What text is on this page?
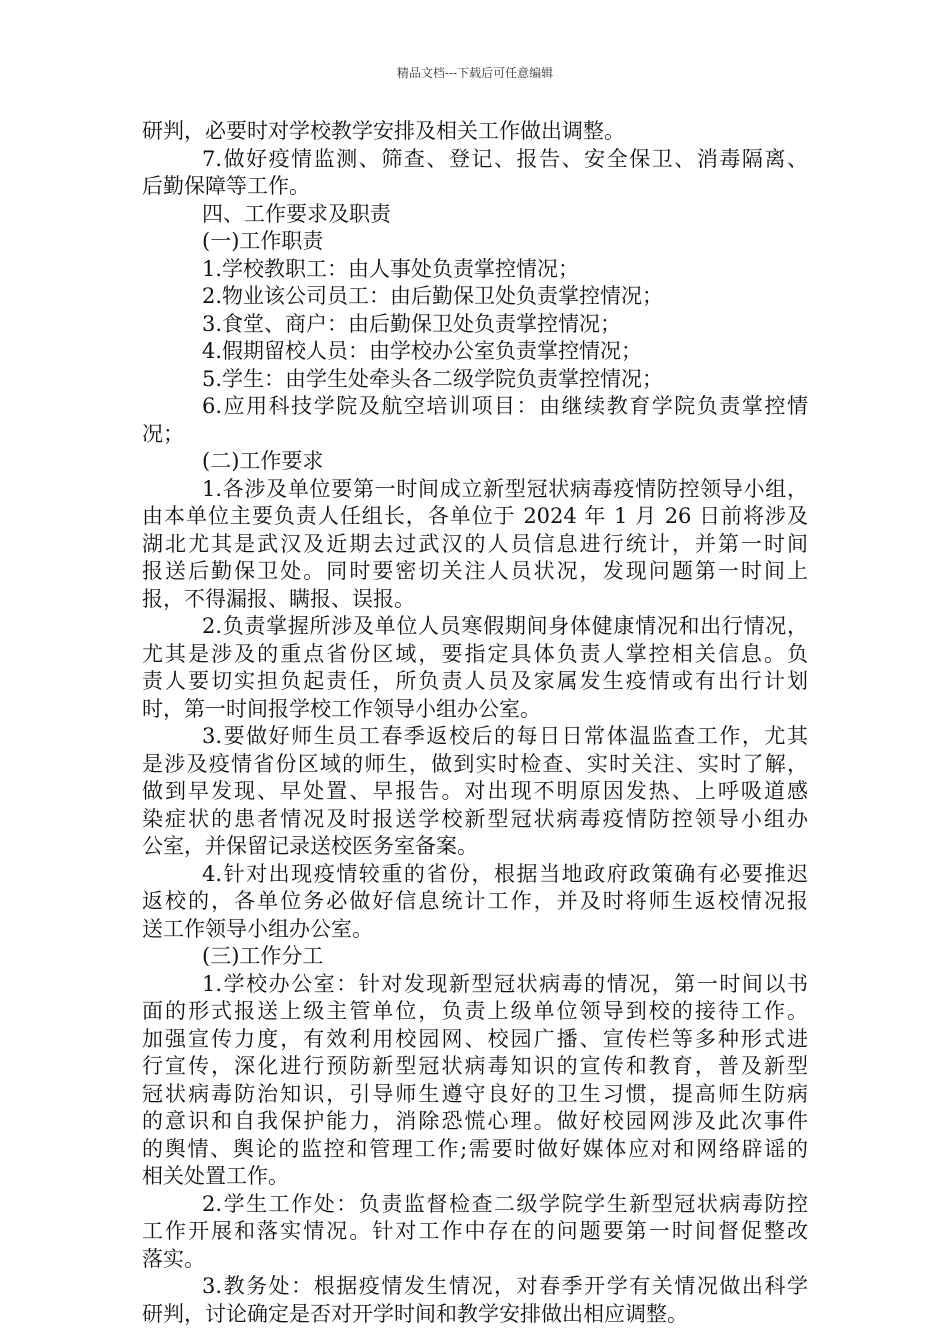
精品文档---下载后可任意编辑
研判，必要时对学校教学安排及相关工作做出调整。
7.做好疫情监测、筛查、登记、报告、安全保卫、消毒隔离、
后勤保障等工作。
四、工作要求及职责
(一)工作职责
1.学校教职工：由人事处负责掌控情况；
2.物业该公司员工：由后勤保卫处负责掌控情况；
3.食堂、商户：由后勤保卫处负责掌控情况；
4.假期留校人员：由学校办公室负责掌控情况；
5.学生：由学生处牵头各二级学院负责掌控情况；
6.应用科技学院及航空培训项目：由继续教育学院负责掌控情
况；
(二)工作要求
1.各涉及单位要第一时间成立新型冠状病毒疫情防控领导小组，
由本单位主要负责人任组长，各单位于 2024 年 1 月 26 日前将涉及
湖北尤其是武汉及近期去过武汉的人员信息进行统计，并第一时间
报送后勤保卫处。同时要密切关注人员状况，发现问题第一时间上
报，不得漏报、瞒报、误报。
2.负责掌握所涉及单位人员寒假期间身体健康情况和出行情况，
尤其是涉及的重点省份区域，要指定具体负责人掌控相关信息。负
责人要切实担负起责任，所负责人员及家属发生疫情或有出行计划
时，第一时间报学校工作领导小组办公室。
3.要做好师生员工春季返校后的每日日常体温监查工作，尤其
是涉及疫情省份区域的师生，做到实时检查、实时关注、实时了解，
做到早发现、早处置、早报告。对出现不明原因发热、上呼吸道感
染症状的患者情况及时报送学校新型冠状病毒疫情防控领导小组办
公室，并保留记录送校医务室备案。
4.针对出现疫情较重的省份，根据当地政府政策确有必要推迟
返校的，各单位务必做好信息统计工作，并及时将师生返校情况报
送工作领导小组办公室。
(三)工作分工
1.学校办公室：针对发现新型冠状病毒的情况，第一时间以书
面的形式报送上级主管单位，负责上级单位领导到校的接待工作。
加强宣传力度，有效利用校园网、校园广播、宣传栏等多种形式进
行宣传，深化进行预防新型冠状病毒知识的宣传和教育，普及新型
冠状病毒防治知识，引导师生遵守良好的卫生习惯，提高师生防病
的意识和自我保护能力，消除恐慌心理。做好校园网涉及此次事件
的舆情、舆论的监控和管理工作;需要时做好媒体应对和网络辟谣的
相关处置工作。
2.学生工作处：负责监督检查二级学院学生新型冠状病毒防控
工作开展和落实情况。针对工作中存在的问题要第一时间督促整改
落实。
3.教务处：根据疫情发生情况，对春季开学有关情况做出科学
研判，讨论确定是否对开学时间和教学安排做出相应调整。
